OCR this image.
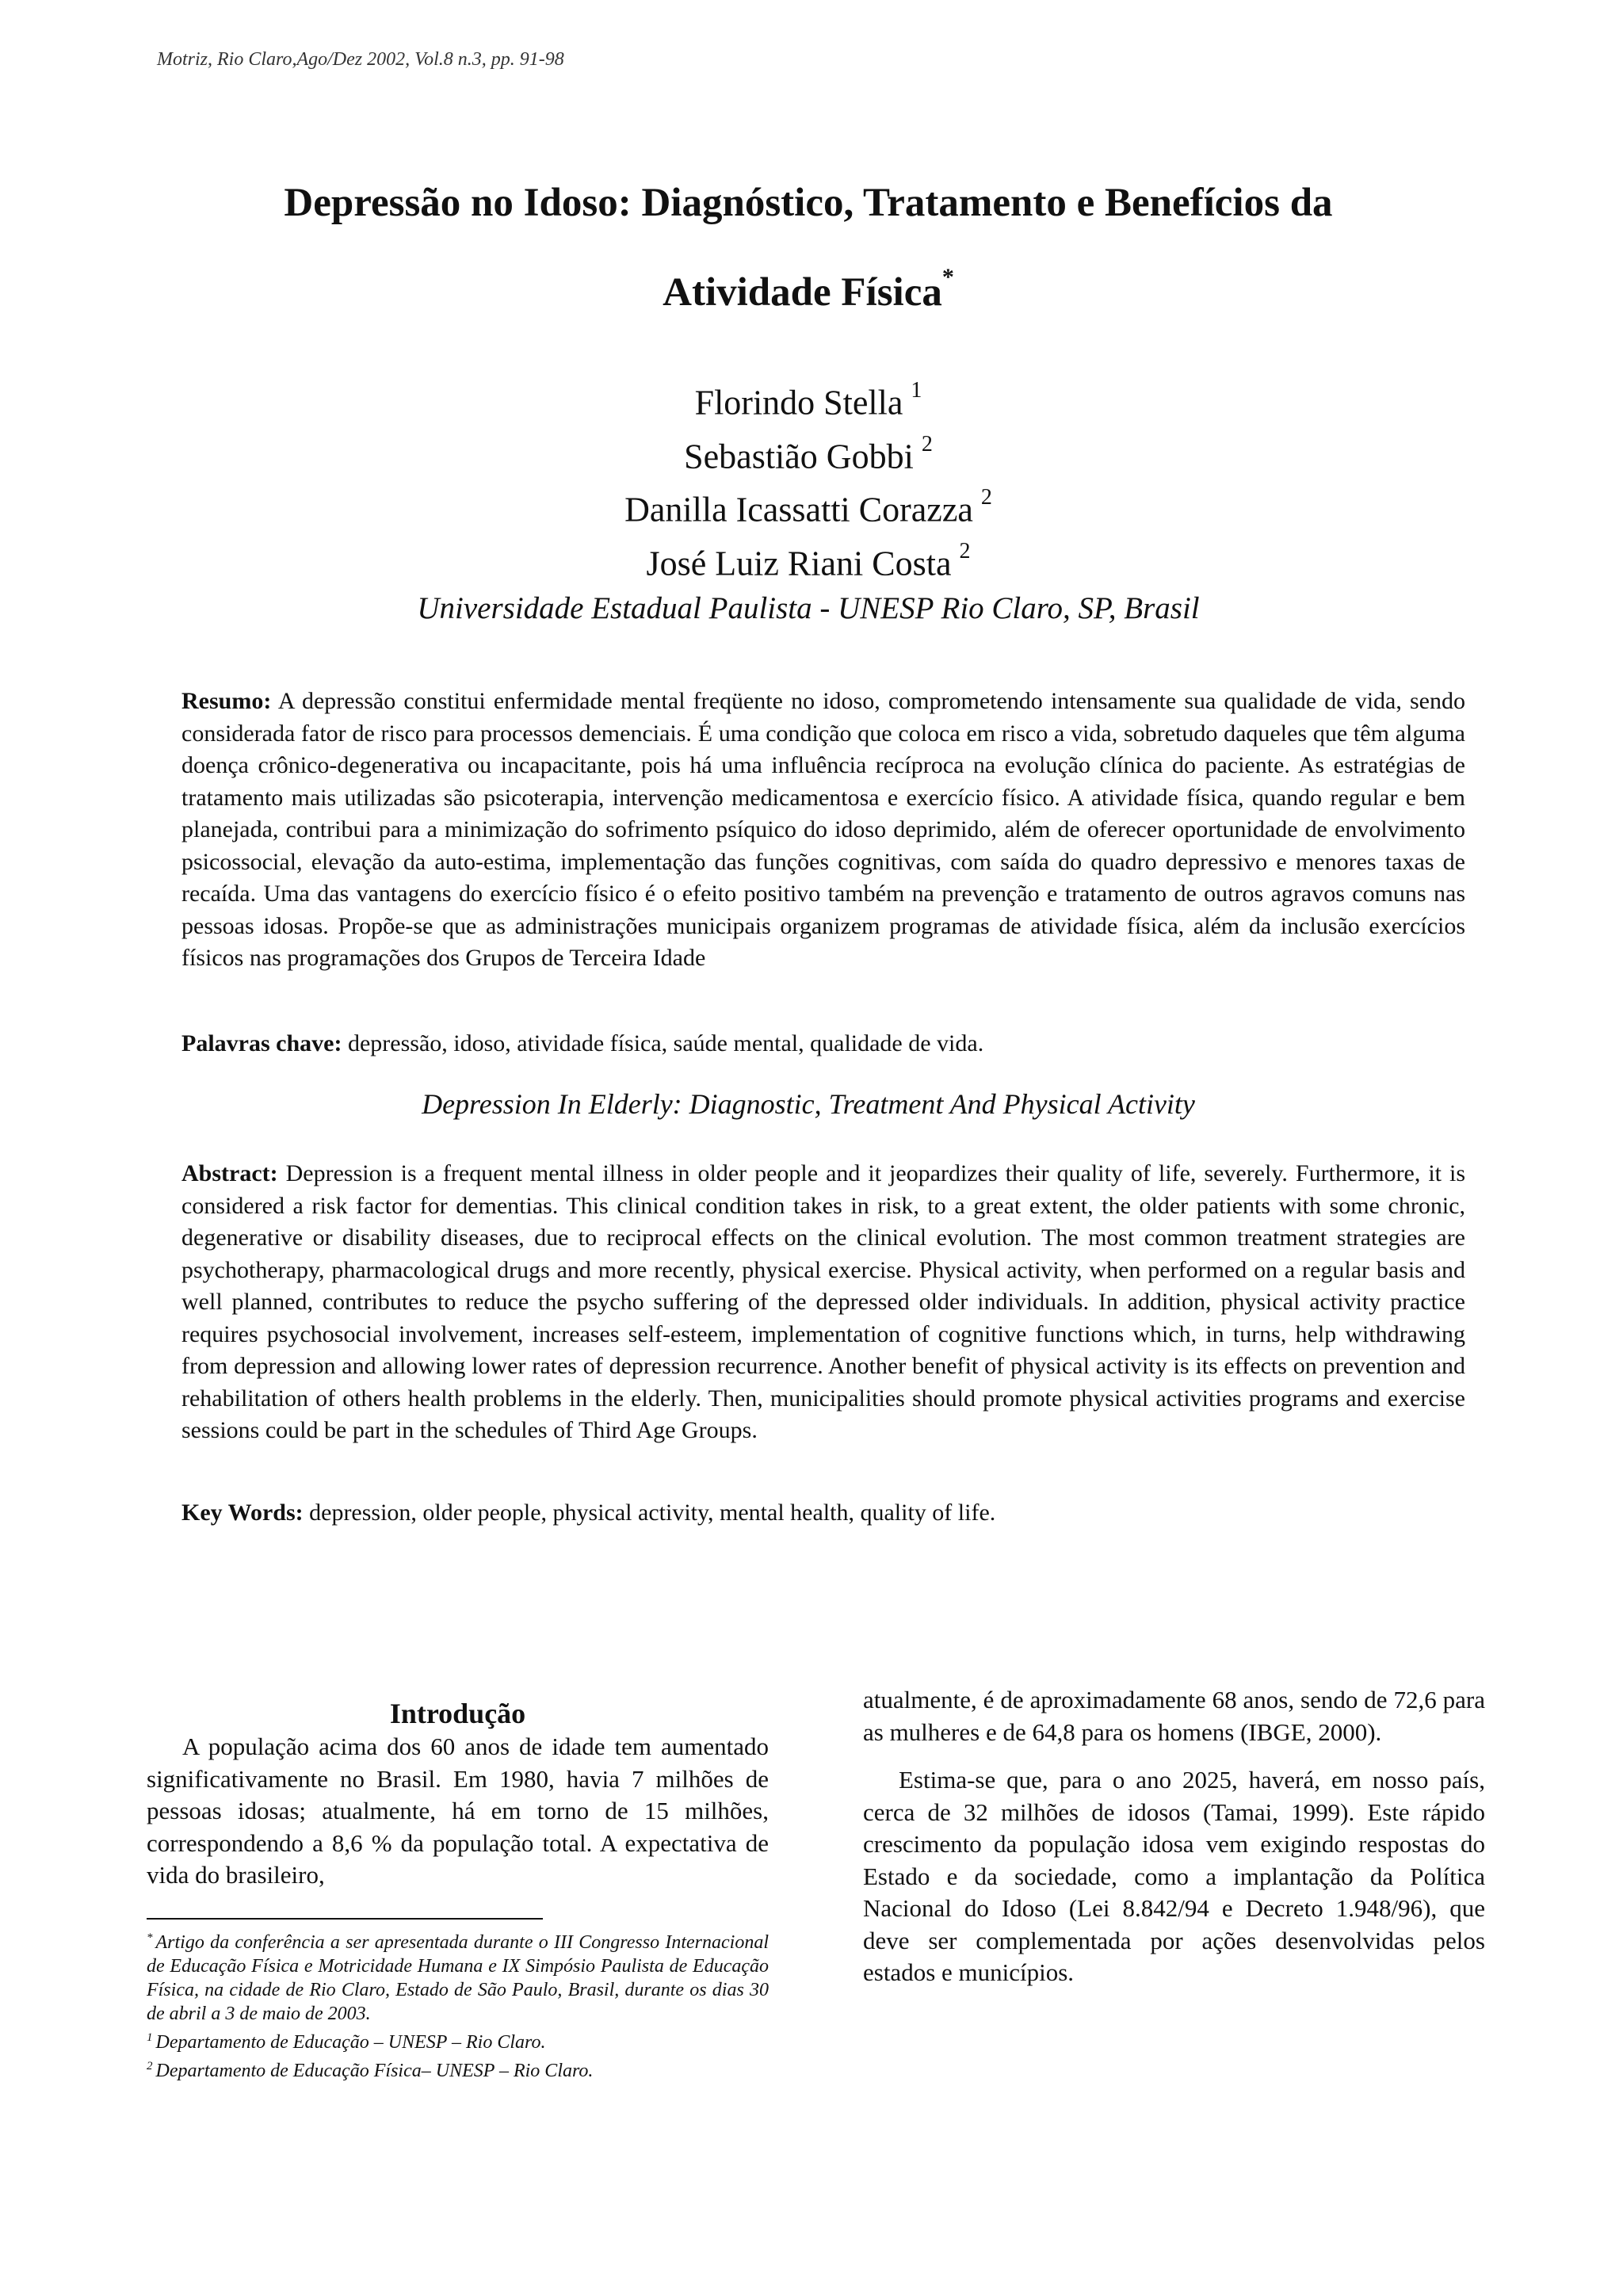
Motriz, Rio Claro,Ago/Dez 2002, Vol.8 n.3, pp. 91-98
Depressão no Idoso: Diagnóstico, Tratamento e Benefícios da
Atividade Física*
Florindo Stella $^1$
Sebastião Gobbi $^2$
Danilla Icassatti Corazza $^2$
José Luiz Riani Costa $^2$
Universidade Estadual Paulista - UNESP Rio Claro, SP, Brasil

Resumo: A depressão constitui enfermidade mental freqüente no idoso, comprometendo intensamente sua qualidade de vida, sendo considerada fator de risco para processos demenciais. É uma condição que coloca em risco a vida, sobretudo daqueles que têm alguma doença crônico-degenerativa ou incapacitante, pois há uma influência recíproca na evolução clínica do paciente. As estratégias de tratamento mais utilizadas são psicoterapia, intervenção medicamentosa e exercício físico. A atividade física, quando regular e bem planejada, contribui para a minimização do sofrimento psíquico do idoso deprimido, além de oferecer oportunidade de envolvimento psicossocial, elevação da auto-estima, implementação das funções cognitivas, com saída do quadro depressivo e menores taxas de recaída. Uma das vantagens do exercício físico é o efeito positivo também na prevenção e tratamento de outros agravos comuns nas pessoas idosas. Propõe-se que as administrações municipais organizem programas de atividade física, além da inclusão exercícios físicos nas programações dos Grupos de Terceira Idade

Palavras chave: depressão, idoso, atividade física, saúde mental, qualidade de vida.

Depression In Elderly: Diagnostic, Treatment And Physical Activity

Abstract: Depression is a frequent mental illness in older people and it jeopardizes their quality of life, severely. Furthermore, it is considered a risk factor for dementias. This clinical condition takes in risk, to a great extent, the older patients with some chronic, degenerative or disability diseases, due to reciprocal effects on the clinical evolution. The most common treatment strategies are psychotherapy, pharmacological drugs and more recently, physical exercise. Physical activity, when performed on a regular basis and well planned, contributes to reduce the psycho suffering of the depressed older individuals. In addition, physical activity practice requires psychosocial involvement, increases self-esteem, implementation of cognitive functions which, in turns, help withdrawing from depression and allowing lower rates of depression recurrence. Another benefit of physical activity is its effects on prevention and rehabilitation of others health problems in the elderly. Then, municipalities should promote physical activities programs and exercise sessions could be part in the schedules of Third Age Groups.

Key Words: depression, older people, physical activity, mental health, quality of life.

Introdução

A população acima dos 60 anos de idade tem aumentado significativamente no Brasil. Em 1980, havia 7 milhões de pessoas idosas; atualmente, há em torno de 15 milhões, correspondendo a 8,6 % da população total. A expectativa de vida do brasileiro,

atualmente, é de aproximadamente 68 anos, sendo de 72,6 para as mulheres e de 64,8 para os homens (IBGE, 2000).

Estima-se que, para o ano 2025, haverá, em nosso país, cerca de 32 milhões de idosos (Tamai, 1999). Este rápido crescimento da população idosa vem exigindo respostas do Estado e da sociedade, como a implantação da Política Nacional do Idoso (Lei 8.842/94 e Decreto 1.948/96), que deve ser complementada por ações desenvolvidas pelos estados e municípios.

* Artigo da conferência a ser apresentada durante o III Congresso Internacional de Educação Física e Motricidade Humana e IX Simpósio Paulista de Educação Física, na cidade de Rio Claro, Estado de São Paulo, Brasil, durante os dias 30 de abril a 3 de maio de 2003.

$^1$ Departamento de Educação – UNESP – Rio Claro.

$^2$ Departamento de Educação Física– UNESP – Rio Claro.
